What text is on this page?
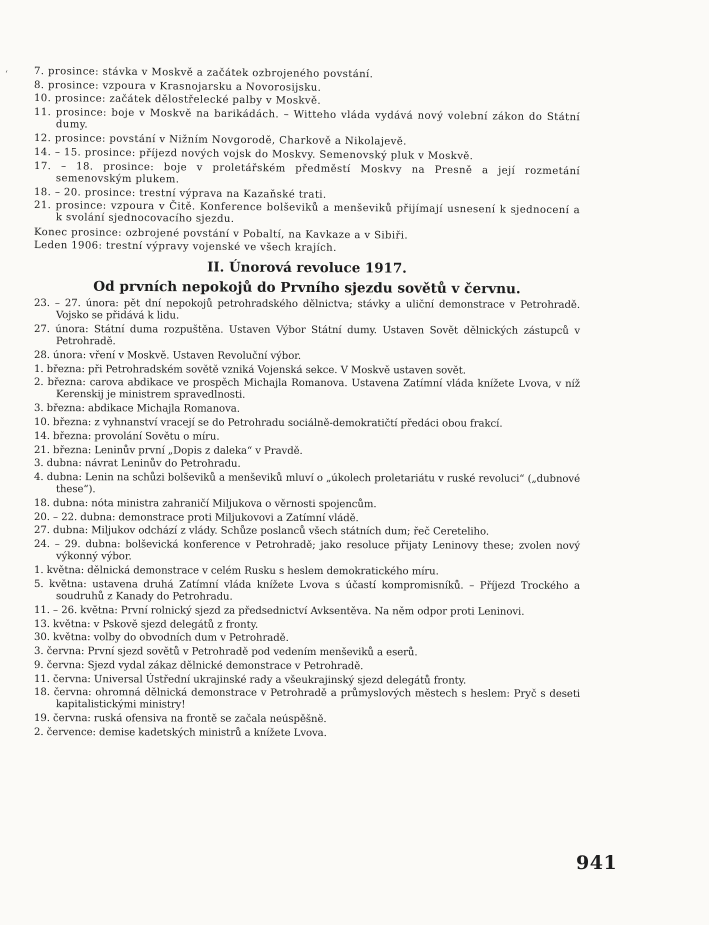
‘	7. prosince: stávka v Moskvě a začátek ozbrojeného povstání.

8. prosince: vzpoura v Krasnojarsku a Novorosijsku.

10. prosince: začátek dělostřelecké palby v Moskvě.

11. prosince: boje v Moskvě na barikádách. – Witteho vláda vydává nový volební zákon do Státní dumy.

12. prosince: povstání v Nižním Novgorodě, Charkově a Nikolajevě.

14. – 15. prosince: příjezd nových vojsk do Moskvy. Semenovský pluk v Moskvě.

17. – 18. prosince: boje v proletářském předměstí Moskvy na Presně a její rozmetání semenovským plukem.

18. – 20. prosince: trestní výprava na Kazaňské trati.

21. prosince: vzpoura v Čitě. Konference bolševiků a menševiků přijímají usnesení k sjednocení a k svolání sjednocovacího sjezdu.

Konec prosince: ozbrojené povstání v Pobaltí, na Kavkaze a v Sibiři.

Leden 1906: trestní výpravy vojenské ve všech krajích.

II. Únorová revoluce 1917.
Od prvních nepokojů do Prvního sjezdu sovětů v červnu.

23. – 27. února: pět dní nepokojů petrohradského dělnictva; stávky a uliční demonstrace v Petrohradě. Vojsko se přidává k lidu.

27. února: Státní duma rozpuštěna. Ustaven Výbor Státní dumy. Ustaven Sovět dělnických zástupců v Petrohradě.

28. února: vření v Moskvě. Ustaven Revoluční výbor.

1. března: při Petrohradském sovětě vzniká Vojenská sekce. V Moskvě ustaven sovět.

2. března: carova abdikace ve prospěch Michajla Romanova. Ustavena Zatímní vláda knížete Lvova, v níž Kerenskij je ministrem spravedlnosti.

3. března: abdikace Michajla Romanova.

10. března: z vyhnanství vracejí se do Petrohradu sociálně-demokratičtí předáci obou frakcí.

14. března: provolání Sovětu o míru.

21. března: Leninův první „Dopis z daleka“ v Pravdě.

3. dubna: návrat Leninův do Petrohradu.

4. dubna: Lenin na schůzi bolševiků a menševiků mluví o „úkolech proletariátu v ruské revoluci“ („dubnové these“).

18. dubna: nóta ministra zahraničí Miljukova o věrnosti spojencům.

20. – 22. dubna: demonstrace proti Miljukovovi a Zatímní vládě.

27. dubna: Miljukov odchází z vlády. Schůze poslanců všech státních dum; řeč Cereteliho.

24. – 29. dubna: bolševická konference v Petrohradě; jako resoluce přijaty Leninovy these; zvolen nový výkonný výbor.

1. května: dělnická demonstrace v celém Rusku s heslem demokratického míru.

5. května: ustavena druhá Zatímní vláda knížete Lvova s účastí kompromisníků. – Příjezd Trockého a soudruhů z Kanady do Petrohradu.

11. – 26. května: První rolnický sjezd za předsednictví Avksentěva. Na něm odpor proti Leninovi.

13. května: v Pskově sjezd delegátů z fronty.

30. května: volby do obvodních dum v Petrohradě.

3. června: První sjezd sovětů v Petrohradě pod vedením menševiků a eserů.

9. června: Sjezd vydal zákaz dělnické demonstrace v Petrohradě.

11. června: Universal Ústřední ukrajinské rady a všeukrajinský sjezd delegátů fronty.

18. června: ohromná dělnická demonstrace v Petrohradě a průmyslových městech s heslem: Pryč s deseti kapitalistickými ministry!

19. června: ruská ofensiva na frontě se začala neúspěšně.

2. července: demise kadetských ministrů a knížete Lvova.

941
